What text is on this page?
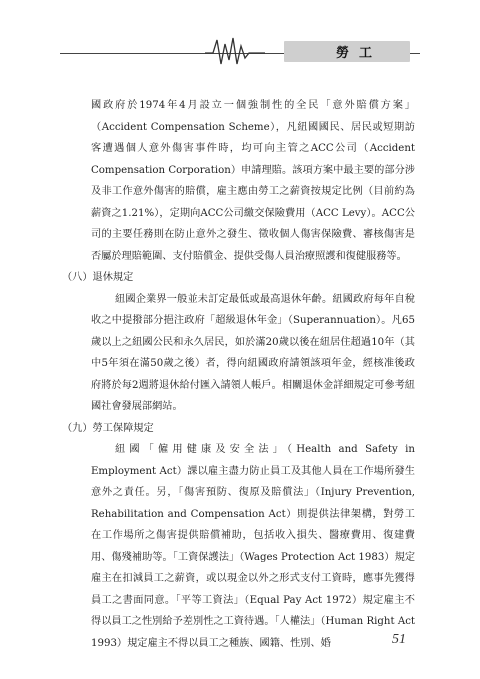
勞工

國政府於1974年4月設立一個強制性的全民「意外賠償方案」（Accident Compensation Scheme），凡紐國國民、居民或短期訪客遭遇個人意外傷害事件時，均可向主管之ACC公司（Accident Compensation Corporation）申請理賠。該項方案中最主要的部分涉及非工作意外傷害的賠償，雇主應由勞工之薪資按規定比例（目前約為薪資之1.21%），定期向ACC公司繳交保險費用（ACC Levy）。ACC公司的主要任務則在防止意外之發生、徵收個人傷害保險費、審核傷害是否屬於理賠範圍、支付賠償金、提供受傷人員治療照護和復健服務等。

（八）退休規定

紐國企業界一般並未訂定最低或最高退休年齡。紐國政府每年自稅收之中提撥部分挹注政府「超級退休年金」（Superannuation）。凡65歲以上之紐國公民和永久居民，如於滿20歲以後在紐居住超過10年（其中5年須在滿50歲之後）者，得向紐國政府請領該項年金，經核准後政府將於每2週將退休給付匯入請領人帳戶。相關退休金詳細規定可參考紐國社會發展部網站。

（九）勞工保障規定

紐國「僱用健康及安全法」（Health and Safety in Employment Act）課以雇主盡力防止員工及其他人員在工作場所發生意外之責任。另，「傷害預防、復原及賠償法」（Injury Prevention, Rehabilitation and Compensation Act）則提供法律架構，對勞工在工作場所之傷害提供賠償補助，包括收入損失、醫療費用、復建費用、傷殘補助等。「工資保護法」（Wages Protection Act 1983）規定雇主在扣減員工之薪資，或以現金以外之形式支付工資時，應事先獲得員工之書面同意。「平等工資法」（Equal Pay Act 1972）規定雇主不得以員工之性別給予差別性之工資待遇。「人權法」（Human Right Act 1993）規定雇主不得以員工之種族、國籍、性別、婚	51
